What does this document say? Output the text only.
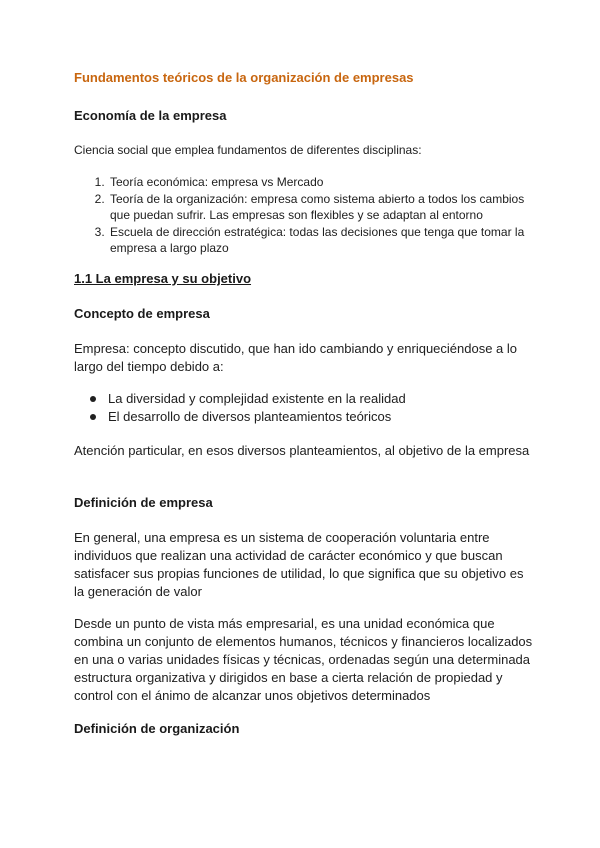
Fundamentos teóricos de la organización de empresas
Economía de la empresa
Ciencia social que emplea fundamentos de diferentes disciplinas:
1. Teoría económica: empresa vs Mercado
2. Teoría de la organización: empresa como sistema abierto a todos los cambios que puedan sufrir. Las empresas son flexibles y se adaptan al entorno
3. Escuela de dirección estratégica: todas las decisiones que tenga que tomar la empresa a largo plazo
1.1 La empresa y su objetivo
Concepto de empresa
Empresa: concepto discutido, que han ido cambiando y enriqueciéndose a lo largo del tiempo debido a:
La diversidad y complejidad existente en la realidad
El desarrollo de diversos planteamientos teóricos
Atención particular, en esos diversos planteamientos, al objetivo de la empresa
Definición de empresa
En general, una empresa es un sistema de cooperación voluntaria entre individuos que realizan una actividad de carácter económico y que buscan satisfacer sus propias funciones de utilidad, lo que significa que su objetivo es la generación de valor
Desde un punto de vista más empresarial, es una unidad económica que combina un conjunto de elementos humanos, técnicos y financieros localizados en una o varias unidades físicas y técnicas, ordenadas según una determinada estructura organizativa y dirigidos en base a cierta relación de propiedad y control con el ánimo de alcanzar unos objetivos determinados
Definición de organización
